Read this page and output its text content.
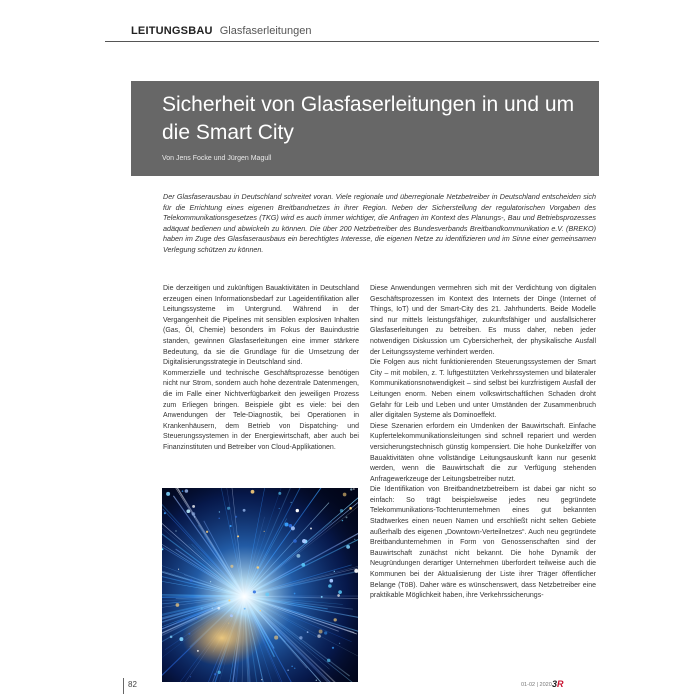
LEITUNGSBAU Glasfaserleitungen
Sicherheit von Glasfaserleitungen in und um die Smart City
Von Jens Focke und Jürgen Magull

Der Glasfaserausbau in Deutschland schreitet voran. Viele regionale und überregionale Netzbetreiber in Deutschland entscheiden sich für die Errichtung eines eigenen Breitbandnetzes in ihrer Region. Neben der Sicherstellung der regulatorischen Vorgaben des Telekommunikationsgesetzes (TKG) wird es auch immer wichtiger, die Anfragen im Kontext des Planungs-, Bau und Betriebsprozesses adäquat bedienen und abwickeln zu können. Die über 200 Netzbetreiber des Bundesverbands Breitbandkommunikation e.V. (BREKO) haben im Zuge des Glasfaserausbaus ein berechtigtes Interesse, die eigenen Netze zu identifizieren und im Sinne einer gemeinsamen Verlegung schützen zu können.

Die derzeitigen und zukünftigen Bauaktivitäten in Deutschland erzeugen einen Informationsbedarf zur Lageidentifikation aller Leitungssysteme im Untergrund. Während in der Vergangenheit die Pipelines mit sensiblen explosiven Inhalten (Gas, Öl, Chemie) besonders im Fokus der Bauindustrie standen, gewinnen Glasfaserleitungen eine immer stärkere Bedeutung, da sie die Grundlage für die Umsetzung der Digitalisierungsstrategie in Deutschland sind.

Kommerzielle und technische Geschäftsprozesse benötigen nicht nur Strom, sondern auch hohe dezentrale Datenmengen, die im Falle einer Nichtverfügbarkeit den jeweiligen Prozess zum Erliegen bringen. Beispiele gibt es viele: bei den Anwendungen der Tele-Diagnostik, bei Operationen in Krankenhäusern, dem Betrieb von Dispatching- und Steuerungssystemen in der Energiewirtschaft, aber auch bei Finanzinstituten und Betreiber von Cloud-Applikationen.

Diese Anwendungen vermehren sich mit der Verdichtung von digitalen Geschäftsprozessen im Kontext des Internets der Dinge (Internet of Things, IoT) und der Smart-City des 21. Jahrhunderts. Beide Modelle sind nur mittels leistungsfähiger, zukunftsfähiger und ausfallsicherer Glasfaserleitungen zu betreiben. Es muss daher, neben jeder notwendigen Diskussion um Cybersicherheit, der physikalische Ausfall der Leitungssysteme verhindert werden.

Die Folgen aus nicht funktionierenden Steuerungssystemen der Smart City – mit mobilen, z. T. luftgestützten Verkehrssystemen und bilateraler Kommunikationsnotwendigkeit – sind selbst bei kurzfristigem Ausfall der Leitungen enorm. Neben einem volkswirtschaftlichen Schaden droht Gefahr für Leib und Leben und unter Umständen der Zusammenbruch aller digitalen Systeme als Dominoeffekt.

Diese Szenarien erfordern ein Umdenken der Bauwirtschaft. Einfache Kupfertelekommunikationsleitungen sind schnell repariert und werden versicherungstechnisch günstig kompensiert. Die hohe Dunkelziffer von Bauaktivitäten ohne vollständige Leitungsauskunft kann nur gesenkt werden, wenn die Bauwirtschaft die zur Verfügung stehenden Anfragewerkzeuge der Leitungsbetreiber nutzt.

Die Identifikation von Breitbandnetzbetreibern ist dabei gar nicht so einfach: So trägt beispielsweise jedes neu gegründete Telekommunikations-Tochterunternehmen eines gut bekannten Stadtwerkes einen neuen Namen und erschließt nicht selten Gebiete außerhalb des eigenen „Downtown-Verteilnetzes“. Auch neu gegründete Breitbandunternehmen in Form von Genossenschaften sind der Bauwirtschaft zunächst nicht bekannt. Die hohe Dynamik der Neugründungen derartiger Unternehmen überfordert teilweise auch die Kommunen bei der Aktualisierung der Liste ihrer Träger öffentlicher Belange (TöB). Daher wäre es wünschenswert, dass Netzbetreiber eine praktikable Möglichkeit haben, ihre Verkehrssicherungs-

82	01-02 | 2020 3R
